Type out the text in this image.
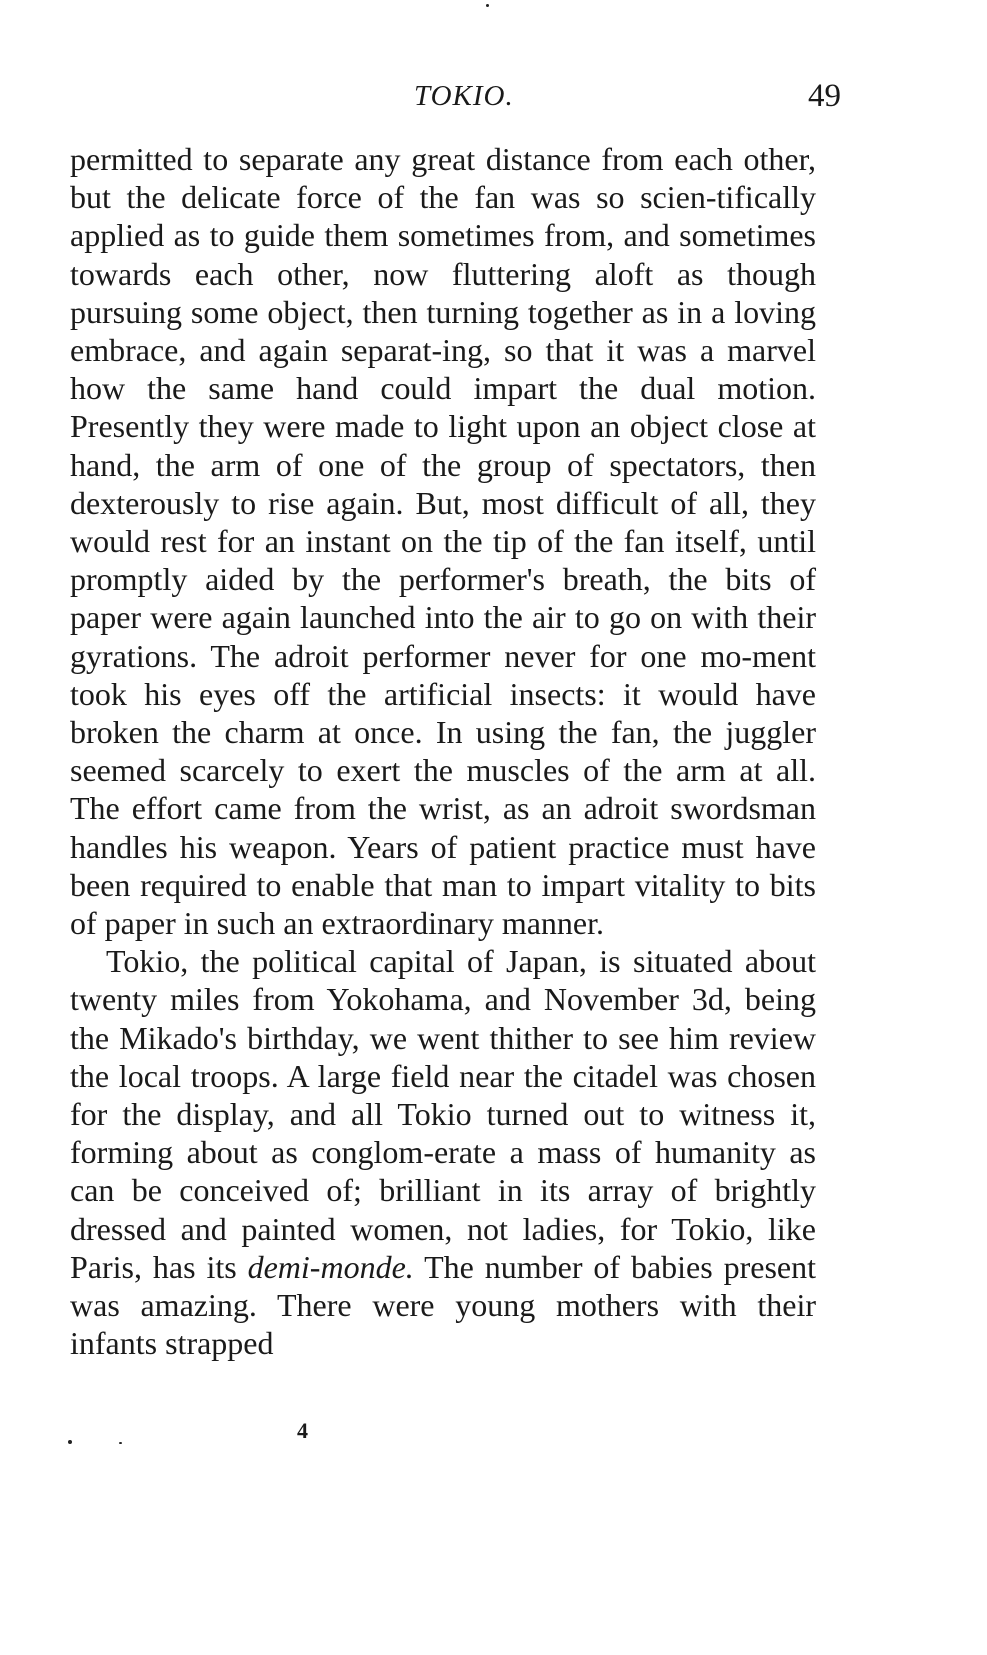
TOKIO.	49

permitted to separate any great distance from each other, but the delicate force of the fan was so scien-tifically applied as to guide them sometimes from, and sometimes towards each other, now fluttering aloft as though pursuing some object, then turning together as in a loving embrace, and again separat-ing, so that it was a marvel how the same hand could impart the dual motion. Presently they were made to light upon an object close at hand, the arm of one of the group of spectators, then dexterously to rise again. But, most difficult of all, they would rest for an instant on the tip of the fan itself, until promptly aided by the performer's breath, the bits of paper were again launched into the air to go on with their gyrations. The adroit performer never for one mo-ment took his eyes off the artificial insects: it would have broken the charm at once. In using the fan, the juggler seemed scarcely to exert the muscles of the arm at all. The effort came from the wrist, as an adroit swordsman handles his weapon. Years of patient practice must have been required to enable that man to impart vitality to bits of paper in such an extraordinary manner.

Tokio, the political capital of Japan, is situated about twenty miles from Yokohama, and November 3d, being the Mikado's birthday, we went thither to see him review the local troops. A large field near the citadel was chosen for the display, and all Tokio turned out to witness it, forming about as conglom-erate a mass of humanity as can be conceived of; brilliant in its array of brightly dressed and painted women, not ladies, for Tokio, like Paris, has its demi-monde. The number of babies present was amazing. There were young mothers with their infants strapped

4
